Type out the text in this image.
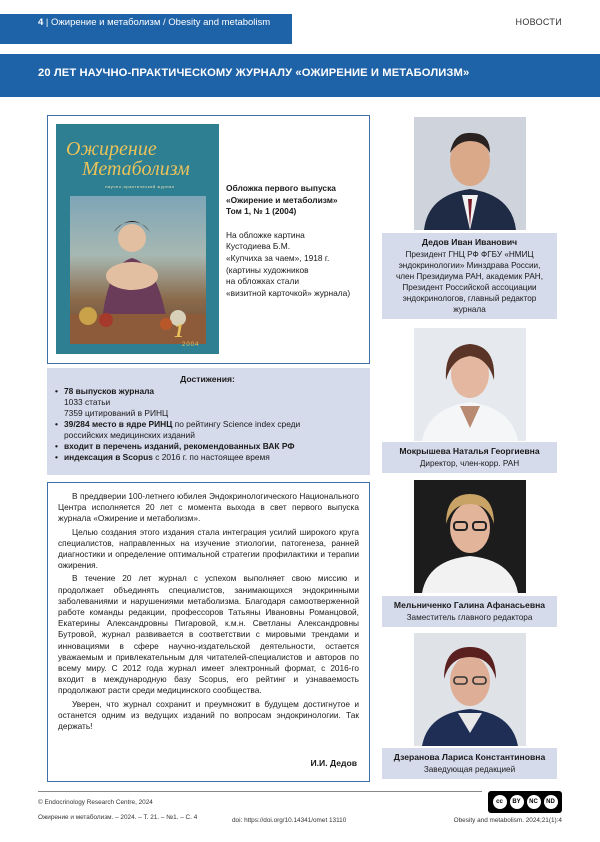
4 | Ожирение и метаболизм / Obesity and metabolism	НОВОСТИ
20 ЛЕТ НАУЧНО-ПРАКТИЧЕСКОМУ ЖУРНАЛУ «ОЖИРЕНИЕ И МЕТАБОЛИЗМ»
Ожирение
Метаболизм
научно-практический журнал
1
2004
Обложка первого выпуска
«Ожирение и метаболизм»
Том 1, № 1 (2004)
На обложке картина
Кустодиева Б.М.
«Купчиха за чаем», 1918 г.
(картины художников
на обложках стали
«визитной карточкой» журнала)
Достижения:
• 78 выпусков журнала
1033 статьи
7359 цитирований в РИНЦ
• 39/284 место в ядре РИНЦ по рейтингу Science index среди
российских медицинских изданий
• входит в перечень изданий, рекомендованных ВАК РФ
• индексация в Scopus с 2016 г. по настоящее время

В преддверии 100-летнего юбилея Эндокринологического Национального Центра исполняется 20 лет с момента выхода в свет первого выпуска журнала «Ожирение и метаболизм».

Целью создания этого издания стала интеграция усилий широкого круга специалистов, направленных на изучение этиологии, патогенеза, ранней диагностики и определение оптимальной стратегии профилактики и терапии ожирения.

В течение 20 лет журнал с успехом выполняет свою миссию и продолжает объединять специалистов, занимающихся эндокринными заболеваниями и нарушениями метаболизма. Благодаря самоотверженной работе команды редакции, профессоров Татьяны Ивановны Романцовой, Екатерины Александровны Пигаровой, к.м.н. Светланы Александровны Бутровой, журнал развивается в соответствии с мировыми трендами и инновациями в сфере научно-издательской деятельности, остается уважаемым и привлекательным для читателей-специалистов и авторов по всему миру. С 2012 года журнал имеет электронный формат, с 2016-го входит в международную базу Scopus, его рейтинг и узнаваемость продолжают расти среди медицинского сообщества.

Уверен, что журнал сохранит и преумножит в будущем достигнутое и останется одним из ведущих изданий по вопросам эндокринологии. Так держать!

И.И. Дедов
Дедов Иван Иванович
Президент ГНЦ РФ ФГБУ «НМИЦ
эндокринологии» Минздрава России,
член Президиума РАН, академик РАН,
Президент Российской ассоциации
эндокринологов, главный редактор
журнала
Мокрышева Наталья Георгиевна
Директор, член-корр. РАН
Мельниченко Галина Афанасьевна
Заместитель главного редактора
Дзеранова Лариса Константиновна
Заведующая редакцией
© Endocrinology Research Centre, 2024
Ожирение и метаболизм. – 2024. – Т. 21. – №1. – С. 4	doi: https://doi.org/10.14341/omet 13110	Obesity and metabolism. 2024;21(1):4
cc	BY	NC	ND
